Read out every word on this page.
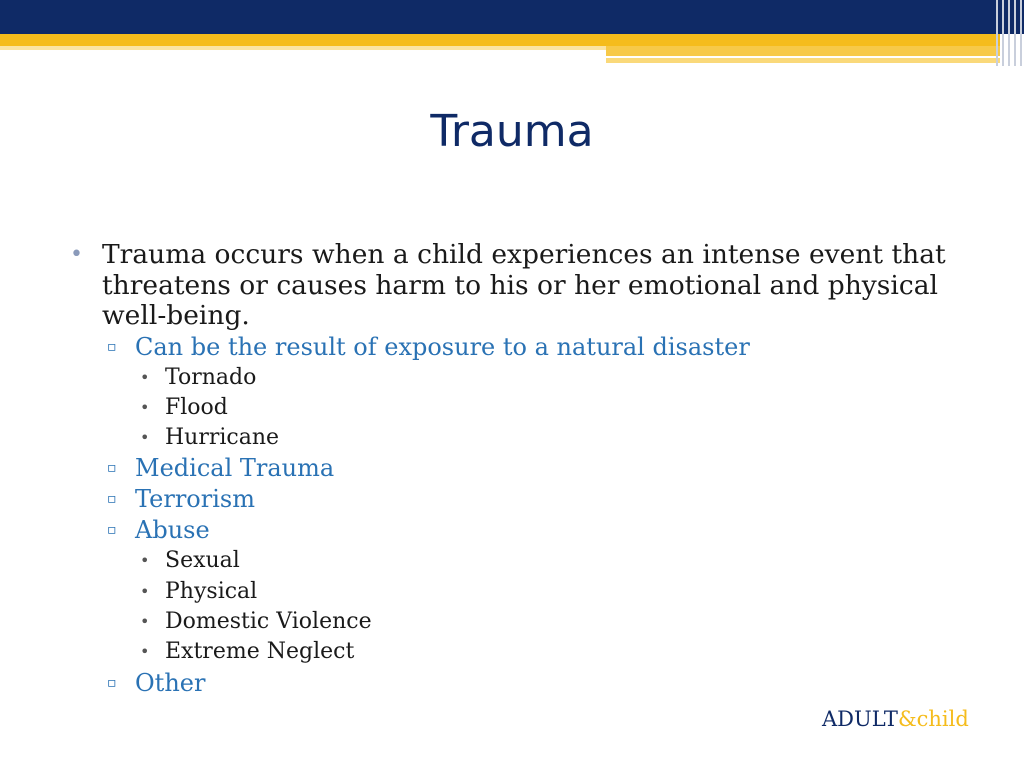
Trauma
• Trauma occurs when a child experiences an intense event that threatens or causes harm to his or her emotional and physical well-being.
▫ Can be the result of exposure to a natural disaster
• Tornado
• Flood
• Hurricane
▫ Medical Trauma
▫ Terrorism
▫ Abuse
• Sexual
• Physical
• Domestic Violence
• Extreme Neglect
▫ Other
ADULT&child
